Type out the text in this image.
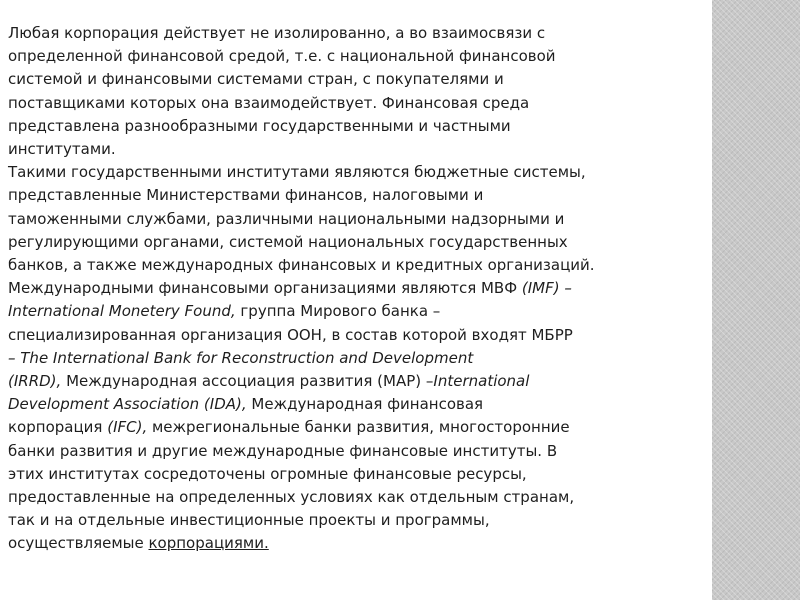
Любая корпорация действует не изолированно, а во взаимосвязи с
определенной финансовой средой, т.е. с национальной финансовой
системой и финансовыми системами стран, с покупателями и
поставщиками которых она взаимодействует. Финансовая среда
представлена разнообразными государственными и частными
институтами.
Такими государственными институтами являются бюджетные системы,
представленные Министерствами финансов, налоговыми и
таможенными службами, различными национальными надзорными и
регулирующими органами, системой национальных государственных
банков, а также международных финансовых и кредитных организаций.
Международными финансовыми организациями являются МВФ (IMF) –
International Monetery Found, группа Мирового банка –
специализированная организация ООН, в состав которой входят МБРР
– The International Bank for Reconstruction and Development
(IRRD), Международная ассоциация развития (MAP) –International
Development Association (IDA), Международная финансовая
корпорация (IFC), межрегиональные банки развития, многосторонние
банки развития и другие международные финансовые институты. В
этих институтах сосредоточены огромные финансовые ресурсы,
предоставленные на определенных условиях как отдельным странам,
так и на отдельные инвестиционные проекты и программы,
осуществляемые корпорациями.
